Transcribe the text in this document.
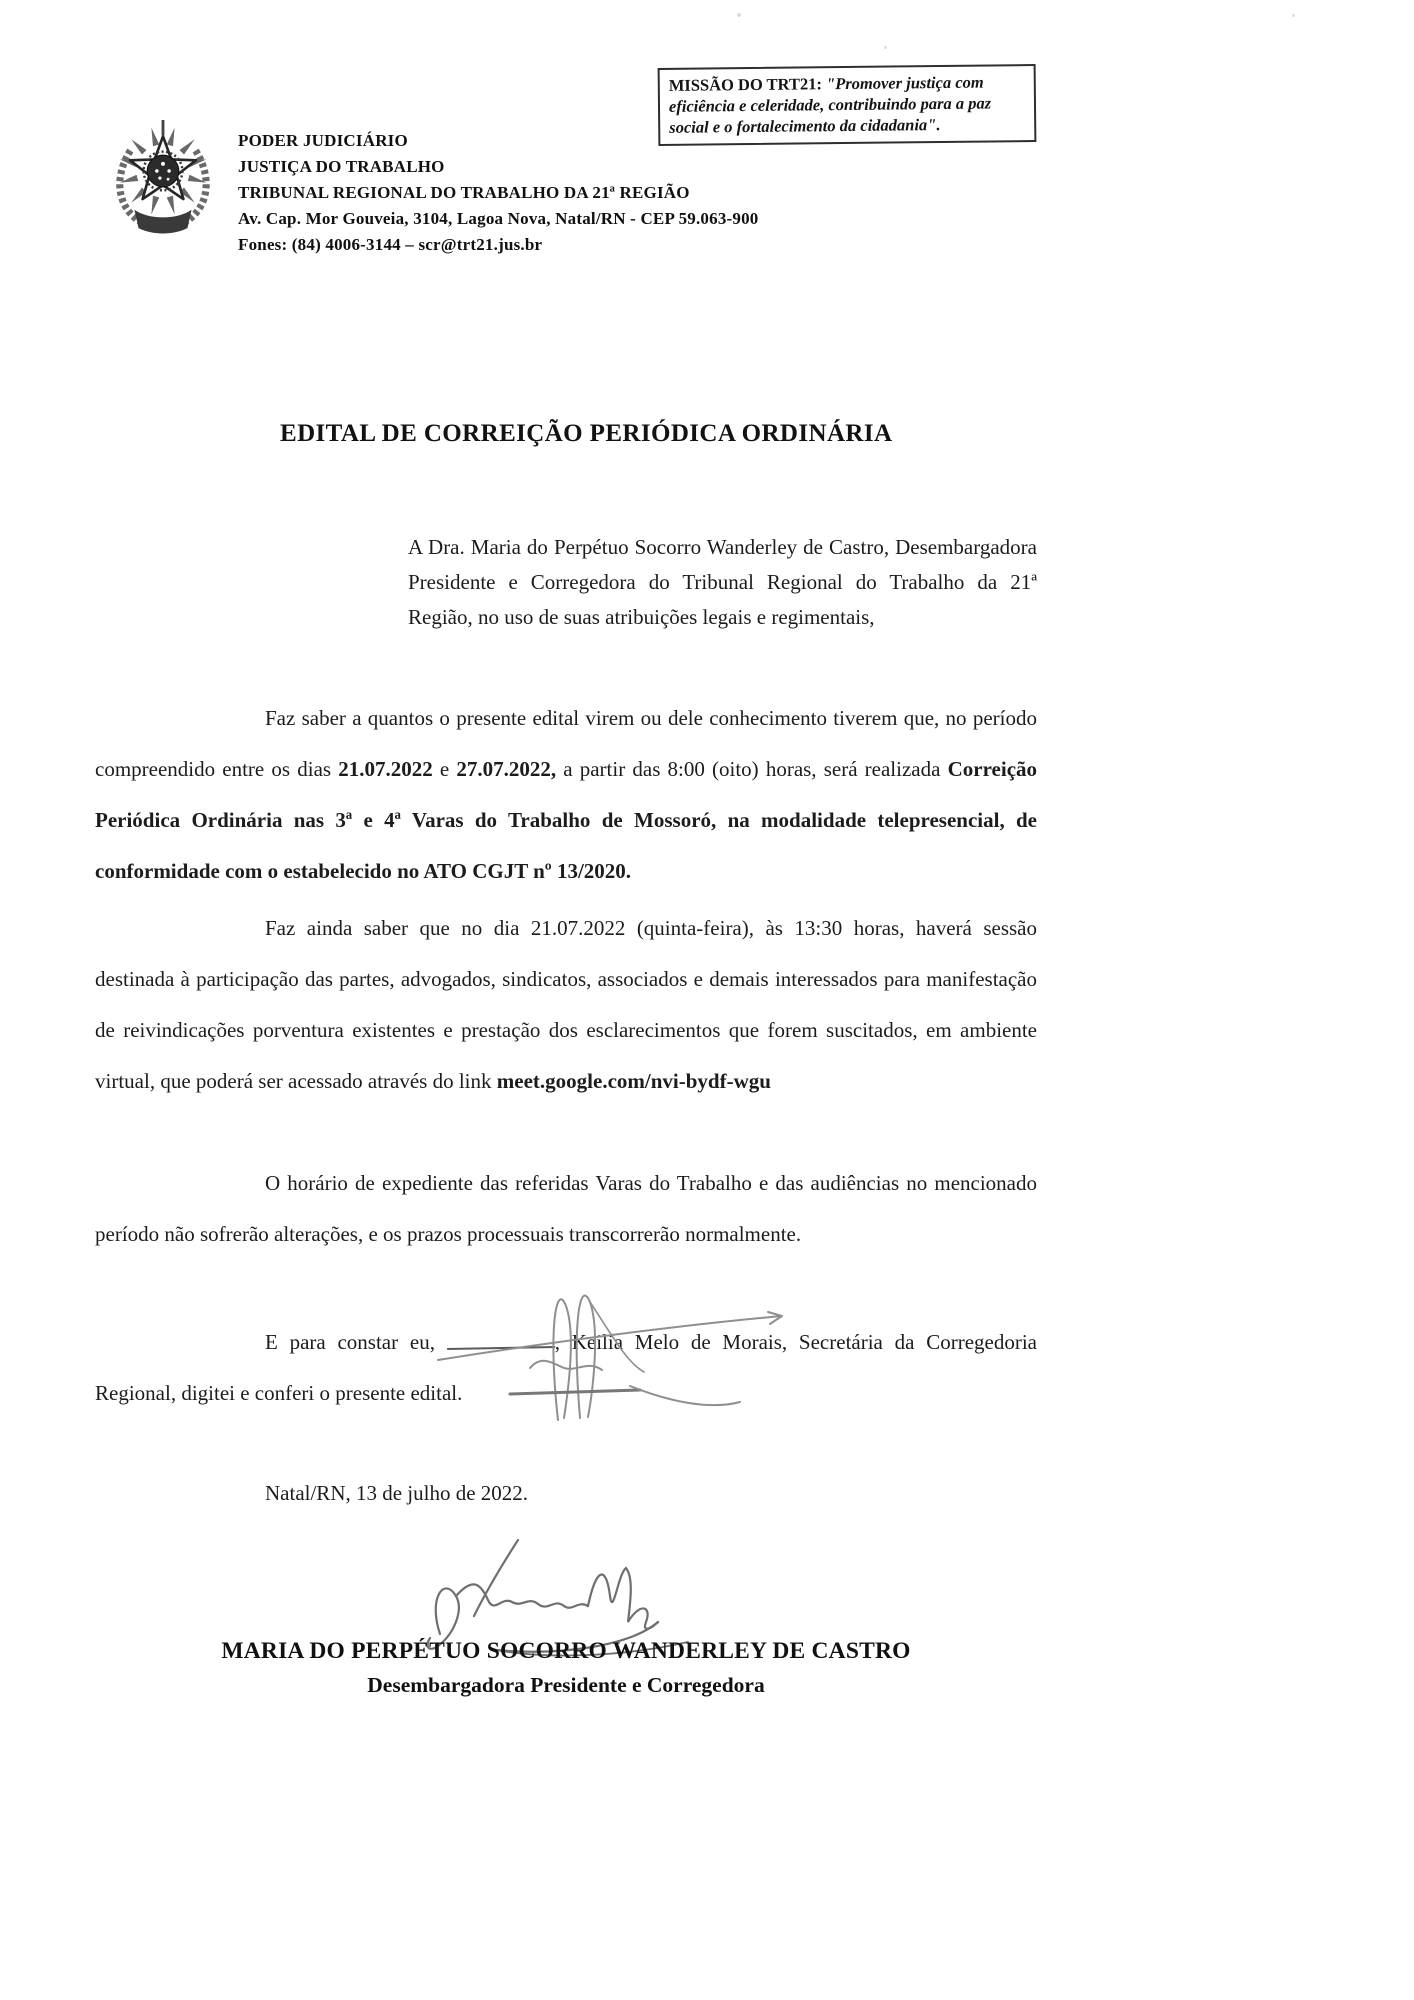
MISSÃO DO TRT21: "Promover justiça com eficiência e celeridade, contribuindo para a paz social e o fortalecimento da cidadania".

PODER JUDICIÁRIO
JUSTIÇA DO TRABALHO
TRIBUNAL REGIONAL DO TRABALHO DA 21ª REGIÃO
Av. Cap. Mor Gouveia, 3104, Lagoa Nova, Natal/RN - CEP 59.063-900
Fones: (84) 4006-3144 – scr@trt21.jus.br
EDITAL DE CORREIÇÃO PERIÓDICA ORDINÁRIA

A Dra. Maria do Perpétuo Socorro Wanderley de Castro, Desembargadora Presidente e Corregedora do Tribunal Regional do Trabalho da 21ª Região, no uso de suas atribuições legais e regimentais,

Faz saber a quantos o presente edital virem ou dele conhecimento tiverem que, no período compreendido entre os dias 21.07.2022 e 27.07.2022, a partir das 8:00 (oito) horas, será realizada Correição Periódica Ordinária nas 3ª e 4ª Varas do Trabalho de Mossoró, na modalidade telepresencial, de conformidade com o estabelecido no ATO CGJT nº 13/2020.

Faz ainda saber que no dia 21.07.2022 (quinta-feira), às 13:30 horas, haverá sessão destinada à participação das partes, advogados, sindicatos, associados e demais interessados para manifestação de reivindicações porventura existentes e prestação dos esclarecimentos que forem suscitados, em ambiente virtual, que poderá ser acessado através do link meet.google.com/nvi-bydf-wgu

O horário de expediente das referidas Varas do Trabalho e das audiências no mencionado período não sofrerão alterações, e os prazos processuais transcorrerão normalmente.

E para constar eu,	, Keilia Melo de Morais, Secretária da Corregedoria Regional, digitei e conferi o presente edital.

Natal/RN, 13 de julho de 2022.

MARIA DO PERPÉTUO SOCORRO WANDERLEY DE CASTRO

Desembargadora Presidente e Corregedora
